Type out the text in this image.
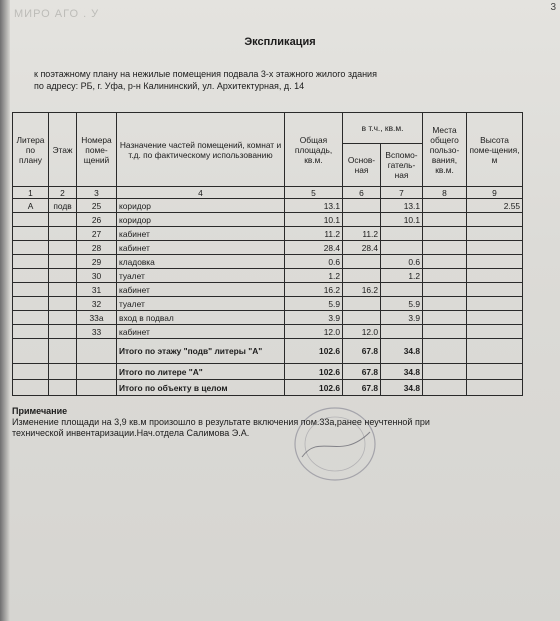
МИРО АГО . У
3
Экспликация
к поэтажному плану на нежилые помещения подвала 3-х этажного жилого здания
по адресу: РБ, г. Уфа, р-н Калининский, ул. Архитектурная, д. 14
Литера по плану	Этаж	Номера поме-щений	Назначение частей помещений, комнат и т.д. по фактическому использованию	Общая площадь, кв.м.	в т.ч., кв.м.		Места общего пользо-вания, кв.м.	Высота поме-щения, м
					Основ-ная	Вспомо-гатель-ная		
1	2	3	4	5	6	7	8	9
А	подв	25	коридор	13.1		13.1		2.55
		26	коридор	10.1		10.1		
		27	кабинет	11.2	11.2			
		28	кабинет	28.4	28.4			
		29	кладовка	0.6		0.6		
		30	туалет	1.2		1.2		
		31	кабинет	16.2	16.2			
		32	туалет	5.9		5.9		
		33а	вход в подвал	3.9		3.9		
		33	кабинет	12.0	12.0			
			Итого по этажу "подв" литеры "А"	102.6	67.8	34.8		
			Итого по литере "А"	102.6	67.8	34.8		
			Итого по объекту в целом	102.6	67.8	34.8		
Примечание
Изменение площади на 3,9 кв.м произошло в результате включения пом.33а,ранее неучтенной при
технической инвентаризации.Нач.отдела Салимова Э.А.
